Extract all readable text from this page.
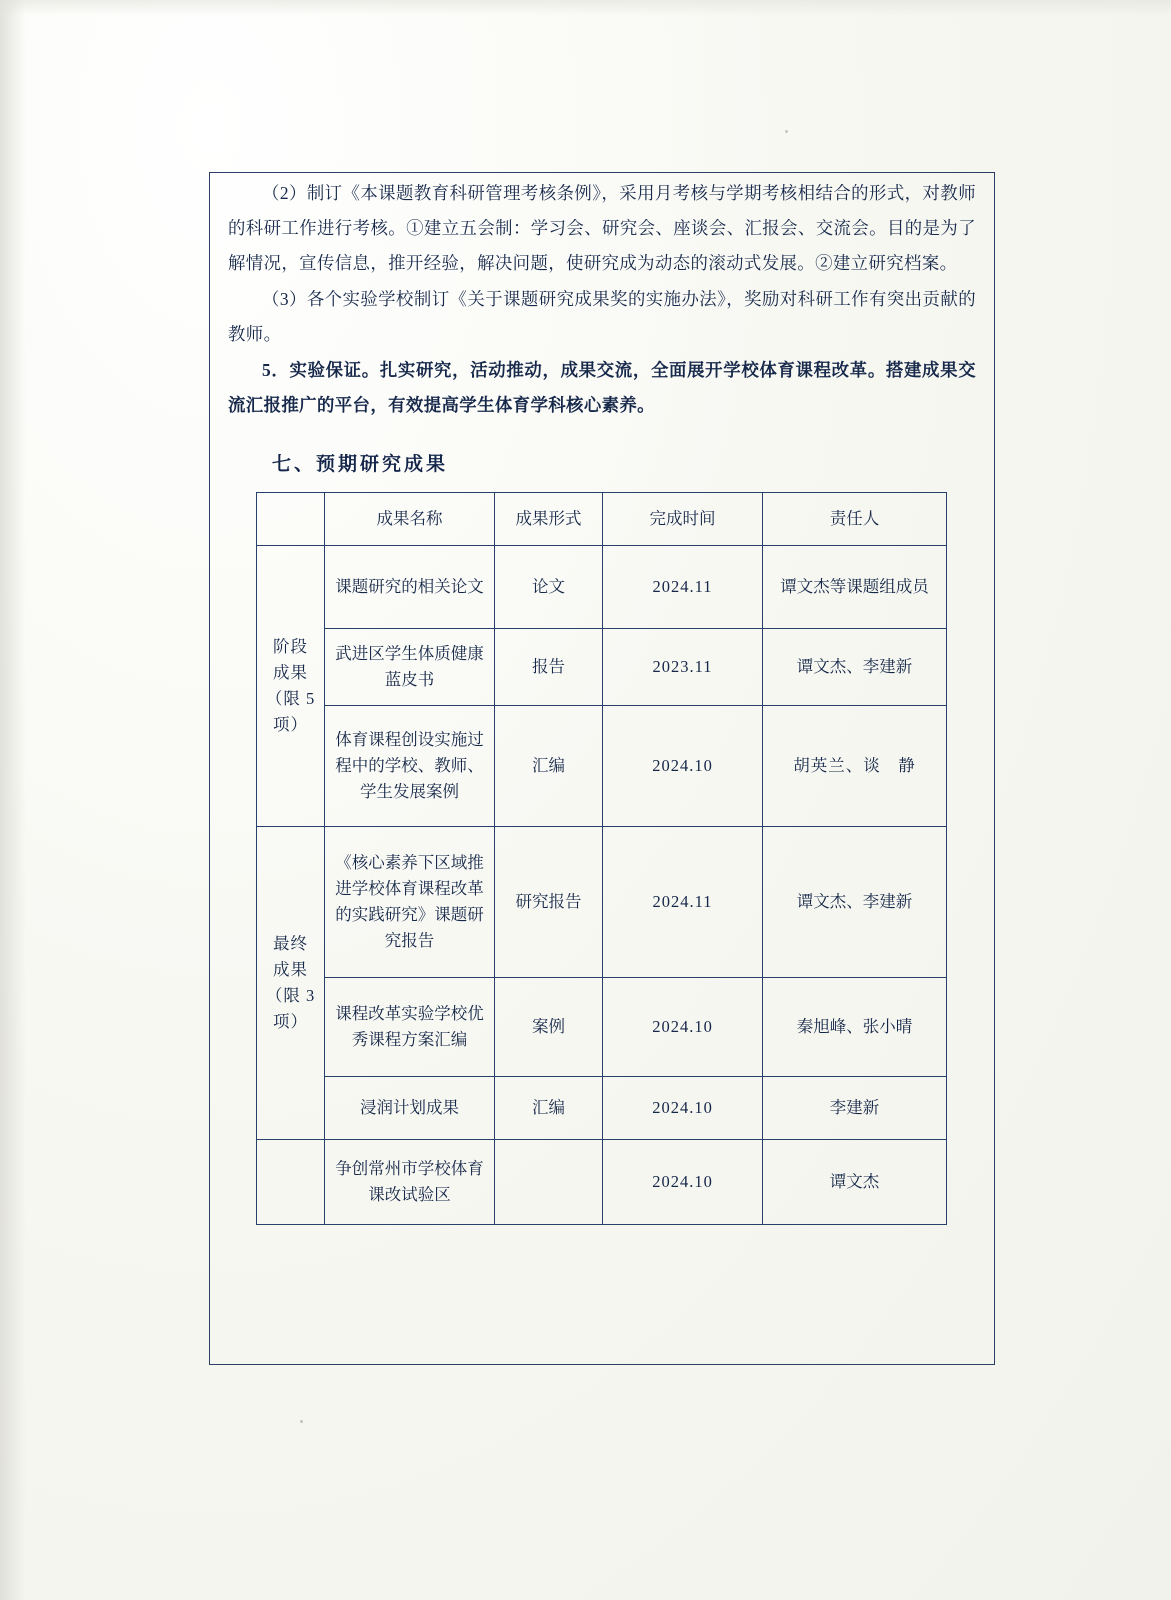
（2）制订《本课题教育科研管理考核条例》，采用月考核与学期考核相结合的形式，对教师的科研工作进行考核。①建立五会制：学习会、研究会、座谈会、汇报会、交流会。目的是为了解情况，宣传信息，推开经验，解决问题，使研究成为动态的滚动式发展。②建立研究档案。

（3）各个实验学校制订《关于课题研究成果奖的实施办法》，奖励对科研工作有突出贡献的教师。

5．实验保证。扎实研究，活动推动，成果交流，全面展开学校体育课程改革。搭建成果交流汇报推广的平台，有效提高学生体育学科核心素养。

七、预期研究成果
	成果名称	成果形式	完成时间	责任人

阶段
成果
（限 5
项）	课题研究的相关论文	论文	2024.11	谭文杰等课题组成员
	武进区学生体质健康蓝皮书	报告	2023.11	谭文杰、李建新
	体育课程创设实施过程中的学校、教师、学生发展案例	汇编	2024.10	胡英兰、谈　静

最终
成果
（限 3
项）	《核心素养下区域推进学校体育课程改革的实践研究》课题研究报告	研究报告	2024.11	谭文杰、李建新
	课程改革实验学校优秀课程方案汇编	案例	2024.10	秦旭峰、张小晴
	浸润计划成果	汇编	2024.10	李建新
	争创常州市学校体育课改试验区		2024.10	谭文杰
